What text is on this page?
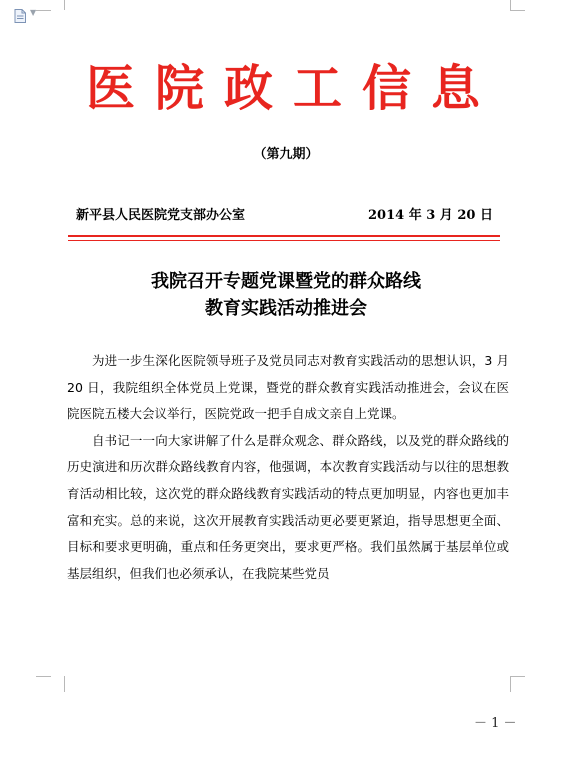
▼
医院政工信息
（第九期）
新平县人民医院党支部办公室	2014 年 3 月 20 日
我院召开专题党课暨党的群众路线
教育实践活动推进会

为进一步生深化医院领导班子及党员同志对教育实践活动的思想认识，3 月 20 日，我院组织全体党员上党课，暨党的群众教育实践活动推进会，会议在医院医院五楼大会议举行，医院党政一把手自成文亲自上党课。

自书记一一向大家讲解了什么是群众观念、群众路线，以及党的群众路线的历史演进和历次群众路线教育内容，他强调，本次教育实践活动与以往的思想教育活动相比较，这次党的群众路线教育实践活动的特点更加明显，内容也更加丰富和充实。总的来说，这次开展教育实践活动更必要更紧迫，指导思想更全面、目标和要求更明确，重点和任务更突出，要求更严格。我们虽然属于基层单位或基层组织，但我们也必须承认，在我院某些党员

－ 1 －
